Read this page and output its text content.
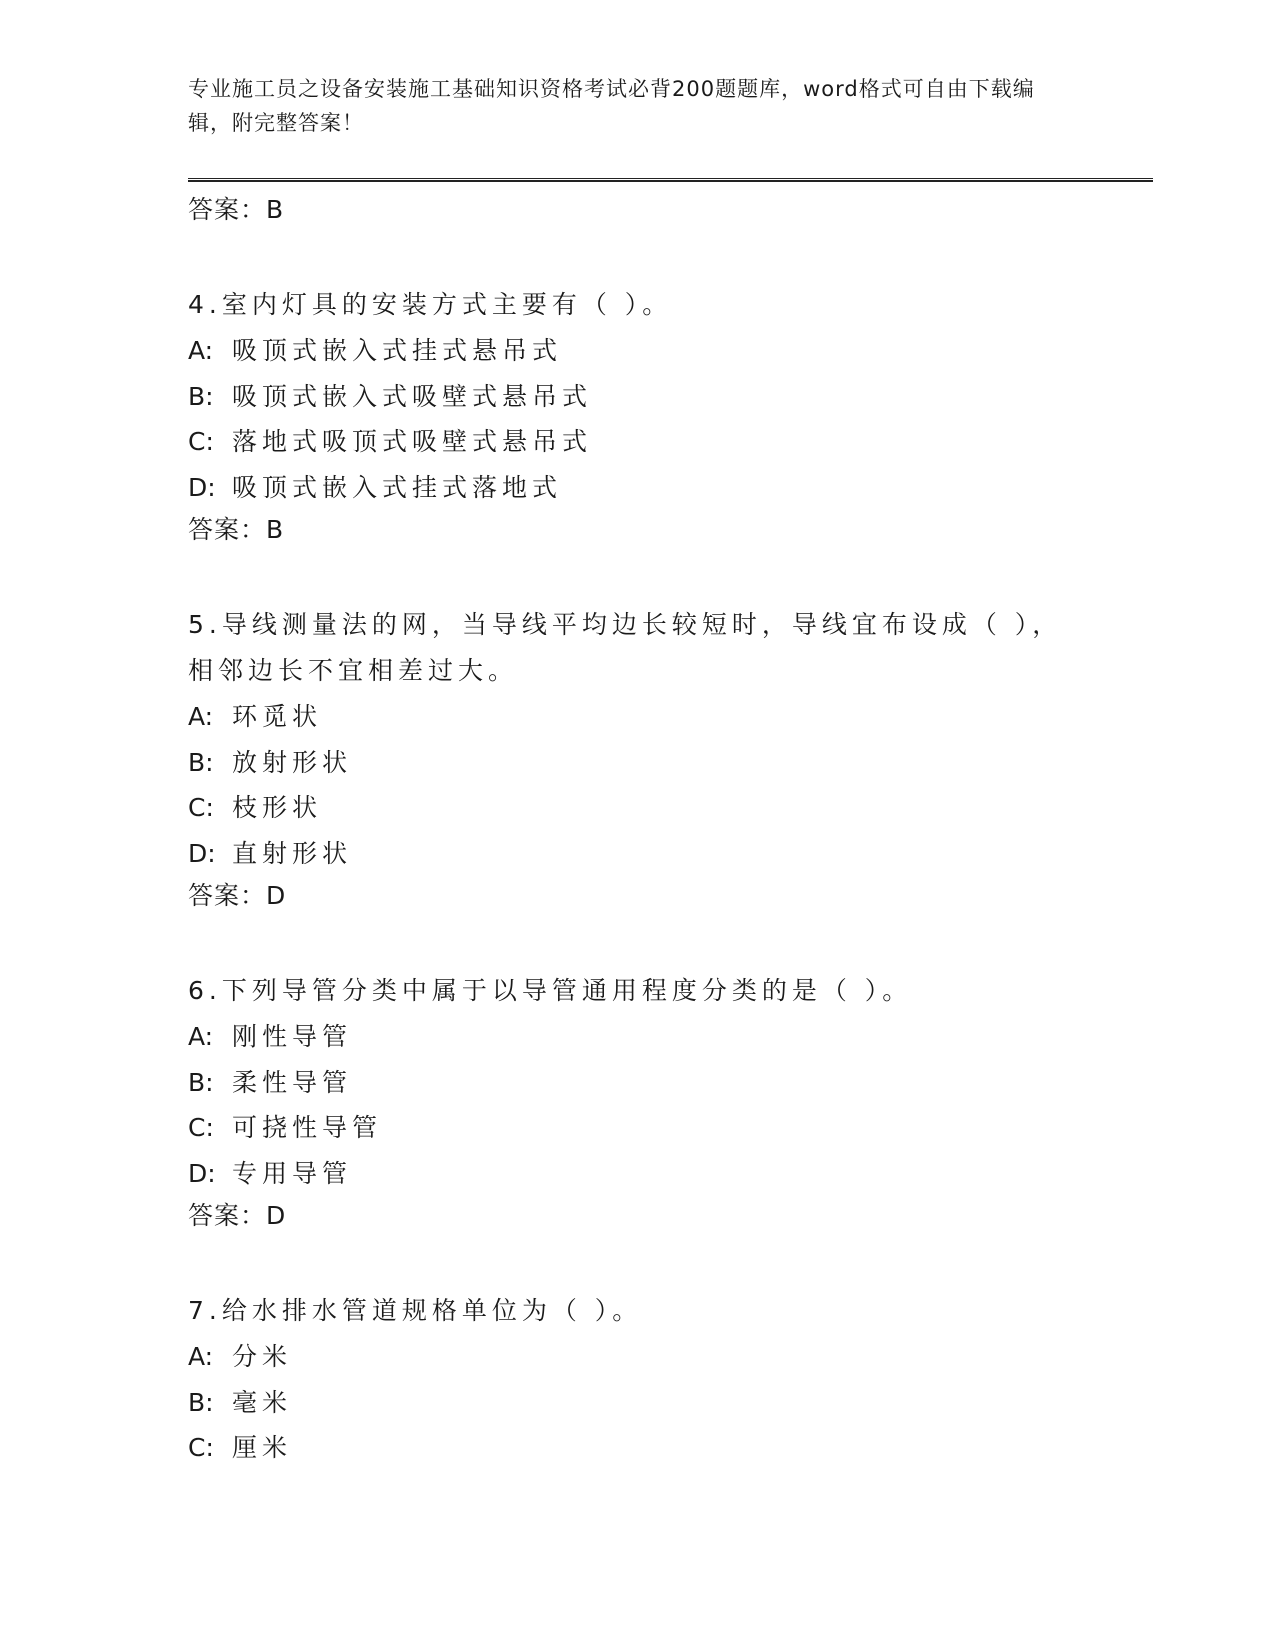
专业施工员之设备安装施工基础知识资格考试必背200题题库，word格式可自由下载编辑，附完整答案！
答案：B
4.室内灯具的安装方式主要有（ ）。
A: 吸顶式嵌入式挂式悬吊式
B: 吸顶式嵌入式吸壁式悬吊式
C: 落地式吸顶式吸壁式悬吊式
D: 吸顶式嵌入式挂式落地式
答案：B
5.导线测量法的网，当导线平均边长较短时，导线宜布设成（ ），相邻边长不宜相差过大。
A: 环觅状
B: 放射形状
C: 枝形状
D: 直射形状
答案：D
6.下列导管分类中属于以导管通用程度分类的是（ ）。
A: 刚性导管
B: 柔性导管
C: 可挠性导管
D: 专用导管
答案：D
7.给水排水管道规格单位为（ ）。
A: 分米
B: 毫米
C: 厘米
